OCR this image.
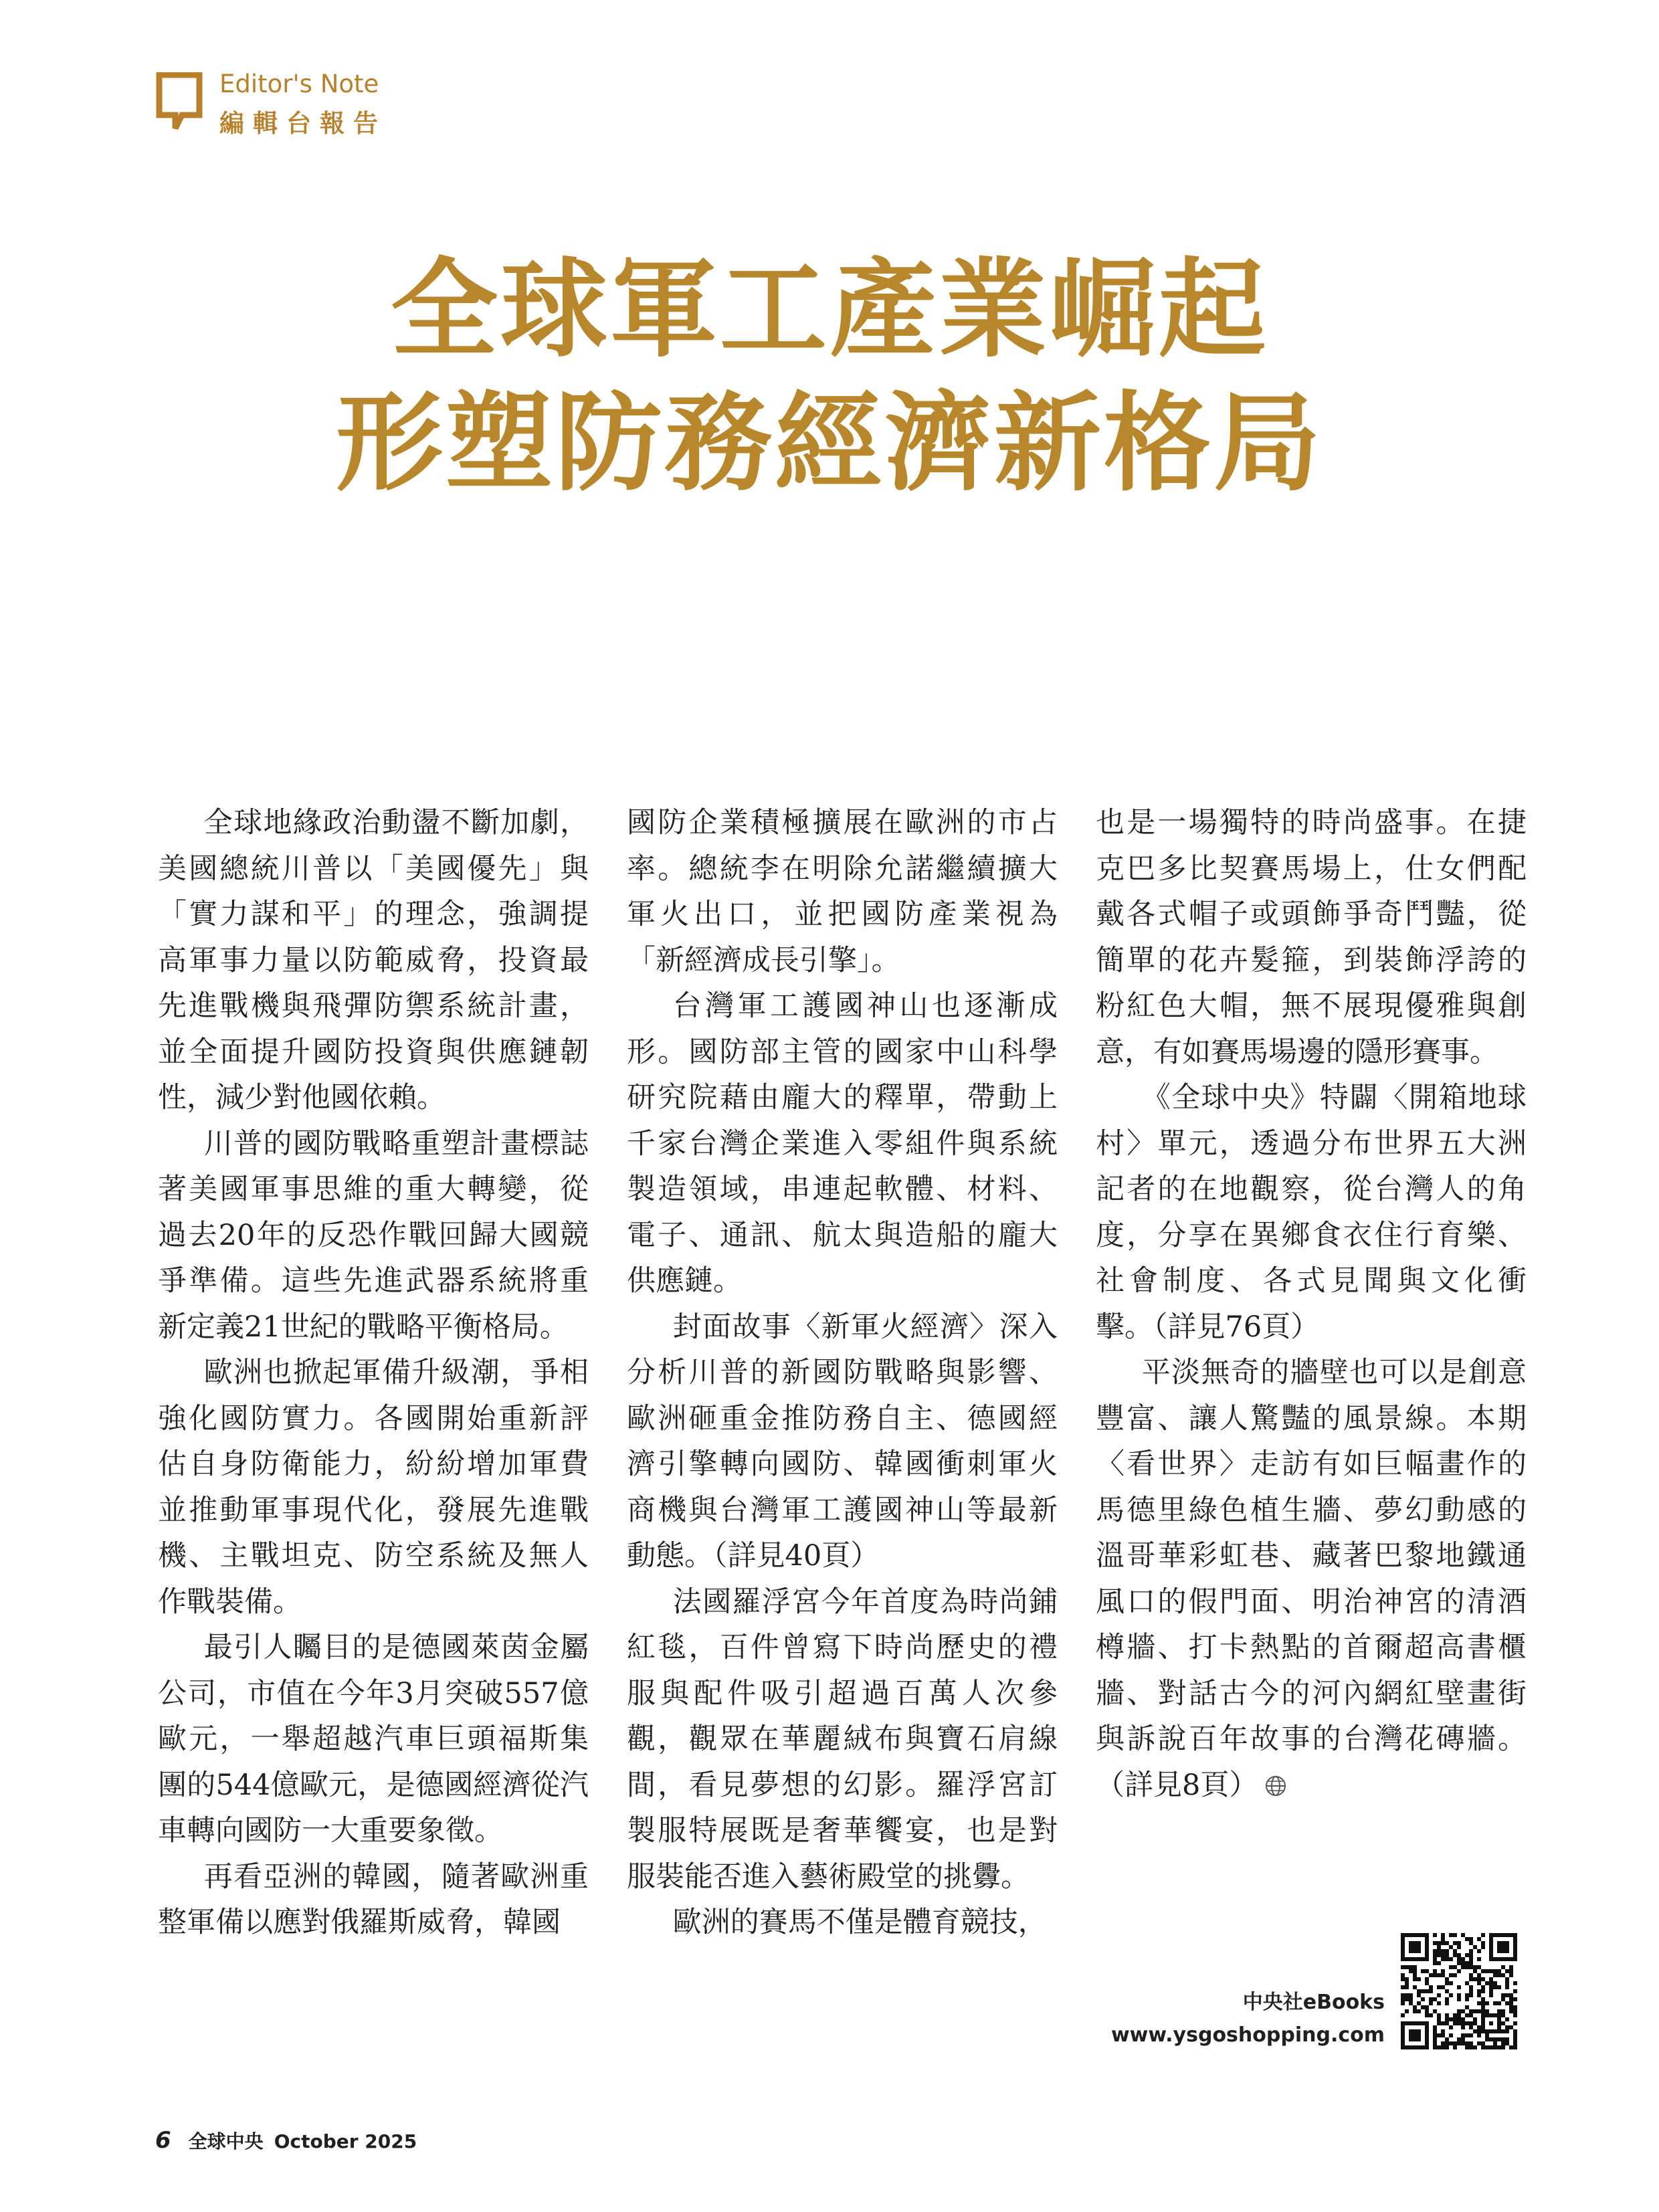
Editor's Note
編輯台報告
全球軍工產業崛起
形塑防務經濟新格局

全球地緣政治動盪不斷加劇，美國總統川普以「美國優先」與「實力謀和平」的理念，強調提高軍事力量以防範威脅，投資最先進戰機與飛彈防禦系統計畫，並全面提升國防投資與供應鏈韌性，減少對他國依賴。

川普的國防戰略重塑計畫標誌著美國軍事思維的重大轉變，從過去20年的反恐作戰回歸大國競爭準備。這些先進武器系統將重新定義21世紀的戰略平衡格局。

歐洲也掀起軍備升級潮，爭相強化國防實力。各國開始重新評估自身防衛能力，紛紛增加軍費並推動軍事現代化，發展先進戰機、主戰坦克、防空系統及無人作戰裝備。

最引人矚目的是德國萊茵金屬公司，市值在今年3月突破557億歐元，一舉超越汽車巨頭福斯集團的544億歐元，是德國經濟從汽車轉向國防一大重要象徵。

再看亞洲的韓國，隨著歐洲重整軍備以應對俄羅斯威脅，韓國

國防企業積極擴展在歐洲的市占率。總統李在明除允諾繼續擴大軍火出口，並把國防產業視為「新經濟成長引擎」。

台灣軍工護國神山也逐漸成形。國防部主管的國家中山科學研究院藉由龐大的釋單，帶動上千家台灣企業進入零組件與系統製造領域，串連起軟體、材料、電子、通訊、航太與造船的龐大供應鏈。

封面故事〈新軍火經濟〉深入分析川普的新國防戰略與影響、歐洲砸重金推防務自主、德國經濟引擎轉向國防、韓國衝刺軍火商機與台灣軍工護國神山等最新動態。（詳見40頁）

法國羅浮宮今年首度為時尚鋪紅毯，百件曾寫下時尚歷史的禮服與配件吸引超過百萬人次參觀，觀眾在華麗絨布與寶石肩線間，看見夢想的幻影。羅浮宮訂製服特展既是奢華饗宴，也是對服裝能否進入藝術殿堂的挑釁。

歐洲的賽馬不僅是體育競技，

也是一場獨特的時尚盛事。在捷克巴多比契賽馬場上，仕女們配戴各式帽子或頭飾爭奇鬥豔，從簡單的花卉髮箍，到裝飾浮誇的粉紅色大帽，無不展現優雅與創意，有如賽馬場邊的隱形賽事。

《全球中央》特闢〈開箱地球村〉單元，透過分布世界五大洲記者的在地觀察，從台灣人的角度，分享在異鄉食衣住行育樂、社會制度、各式見聞與文化衝擊。（詳見76頁）

平淡無奇的牆壁也可以是創意豐富、讓人驚豔的風景線。本期〈看世界〉走訪有如巨幅畫作的馬德里綠色植生牆、夢幻動感的溫哥華彩虹巷、藏著巴黎地鐵通風口的假門面、明治神宮的清酒樽牆、打卡熱點的首爾超高書櫃牆、對話古今的河內網紅壁畫街與訴說百年故事的台灣花磚牆。（詳見8頁）

中央社eBooks
www.ysgoshopping.com
6 全球中央 October 2025
